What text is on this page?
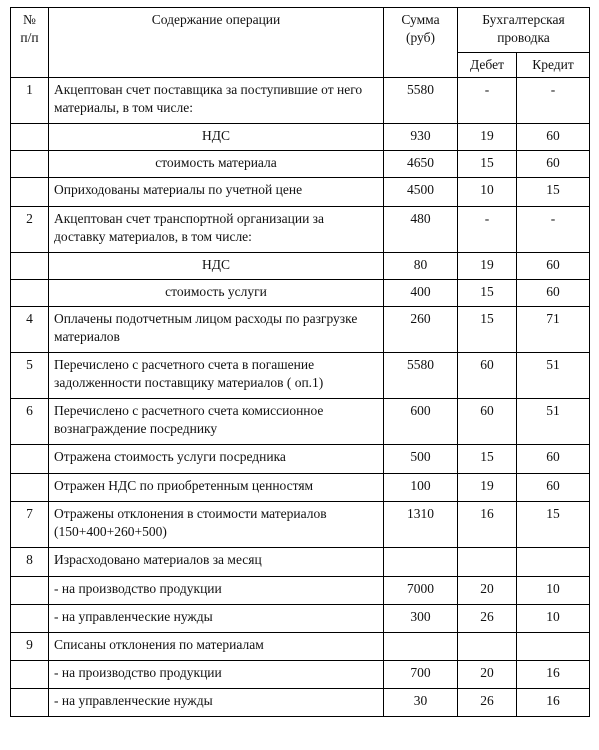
№ п/п	Содержание операции	Сумма (руб)	Бухгалтерская проводка	
			Дебет	Кредит
1	Акцептован счет поставщика за поступившие от него материалы, в том числе:	5580	-	-
	НДС	930	19	60
	стоимость материала	4650	15	60
	Оприходованы материалы по учетной цене	4500	10	15
2	Акцептован счет транспортной организации за доставку материалов, в том числе:	480	-	-
	НДС	80	19	60
	стоимость услуги	400	15	60
4	Оплачены подотчетным лицом расходы по разгрузке материалов	260	15	71
5	Перечислено с расчетного счета в погашение задолженности поставщику материалов ( оп.1)	5580	60	51
6	Перечислено с расчетного счета комиссионное вознаграждение посреднику	600	60	51
	Отражена стоимость услуги посредника	500	15	60
	Отражен НДС по приобретенным ценностям	100	19	60
7	Отражены отклонения в стоимости материалов (150+400+260+500)	1310	16	15
8	Израсходовано материалов за месяц			
	- на производство продукции	7000	20	10
	- на управленческие нужды	300	26	10
9	Списаны отклонения по материалам			
	- на производство продукции	700	20	16
	- на управленческие нужды	30	26	16
